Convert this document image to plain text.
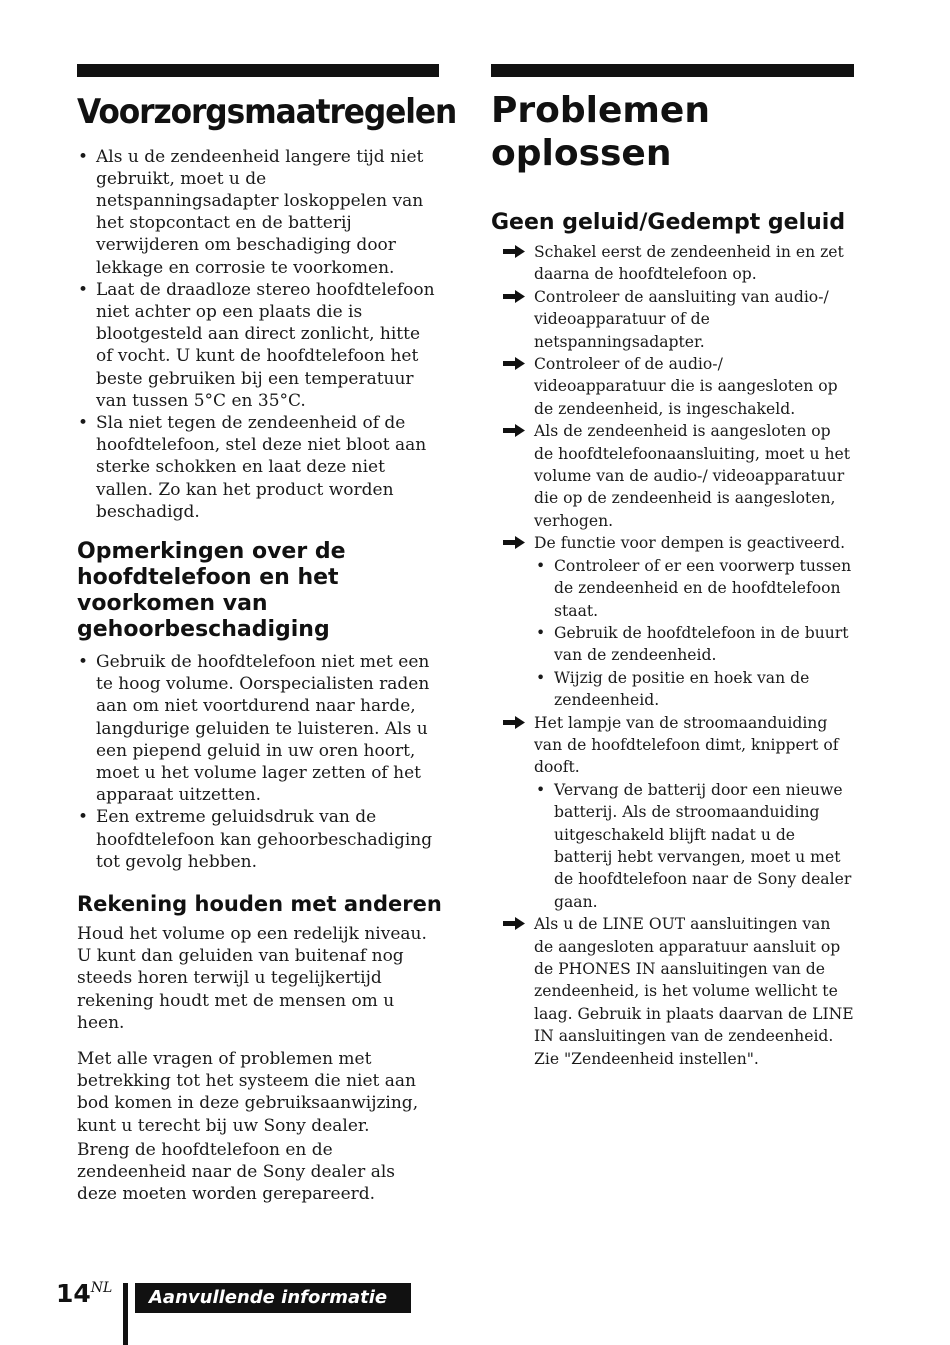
Voorzorgsmaatregelen
• Als u de zendeenheid langere tijd niet gebruikt, moet u de netspanningsadapter loskoppelen van het stopcontact en de batterij verwijderen om beschadiging door lekkage en corrosie te voorkomen.
• Laat de draadloze stereo hoofdtelefoon niet achter op een plaats die is blootgesteld aan direct zonlicht, hitte of vocht. U kunt de hoofdtelefoon het beste gebruiken bij een temperatuur van tussen 5°C en 35°C.
• Sla niet tegen de zendeenheid of de hoofdtelefoon, stel deze niet bloot aan sterke schokken en laat deze niet vallen. Zo kan het product worden beschadigd.
Opmerkingen over de hoofdtelefoon en het voorkomen van gehoorbeschadiging
• Gebruik de hoofdtelefoon niet met een te hoog volume. Oorspecialisten raden aan om niet voortdurend naar harde, langdurige geluiden te luisteren. Als u een piepend geluid in uw oren hoort, moet u het volume lager zetten of het apparaat uitzetten.
• Een extreme geluidsdruk van de hoofdtelefoon kan gehoorbeschadiging tot gevolg hebben.
Rekening houden met anderen

Houd het volume op een redelijk niveau. U kunt dan geluiden van buitenaf nog steeds horen terwijl u tegelijkertijd rekening houdt met de mensen om u heen.

Met alle vragen of problemen met betrekking tot het systeem die niet aan bod komen in deze gebruiksaanwijzing, kunt u terecht bij uw Sony dealer.

Breng de hoofdtelefoon en de zendeenheid naar de Sony dealer als deze moeten worden gerepareerd.

Problemen oplossen
Geen geluid/Gedempt geluid
Schakel eerst de zendeenheid in en zet daarna de hoofdtelefoon op.
Controleer de aansluiting van audio-/ videoapparatuur of de netspanningsadapter.
Controleer of de audio-/ videoapparatuur die is aangesloten op de zendeenheid, is ingeschakeld.
Als de zendeenheid is aangesloten op de hoofdtelefoonaansluiting, moet u het volume van de audio-/ videoapparatuur die op de zendeenheid is aangesloten, verhogen.
De functie voor dempen is geactiveerd.
• Controleer of er een voorwerp tussen de zendeenheid en de hoofdtelefoon staat.
• Gebruik de hoofdtelefoon in de buurt van de zendeenheid.
• Wijzig de positie en hoek van de zendeenheid.
Het lampje van de stroomaanduiding van de hoofdtelefoon dimt, knippert of dooft.
• Vervang de batterij door een nieuwe batterij. Als de stroomaanduiding uitgeschakeld blijft nadat u de batterij hebt vervangen, moet u met de hoofdtelefoon naar de Sony dealer gaan.
Als u de LINE OUT aansluitingen van de aangesloten apparatuur aansluit op de PHONES IN aansluitingen van de zendeenheid, is het volume wellicht te laag. Gebruik in plaats daarvan de LINE IN aansluitingen van de zendeenheid. Zie "Zendeenheid instellen".
14$^{NL}$	Aanvullende informatie
